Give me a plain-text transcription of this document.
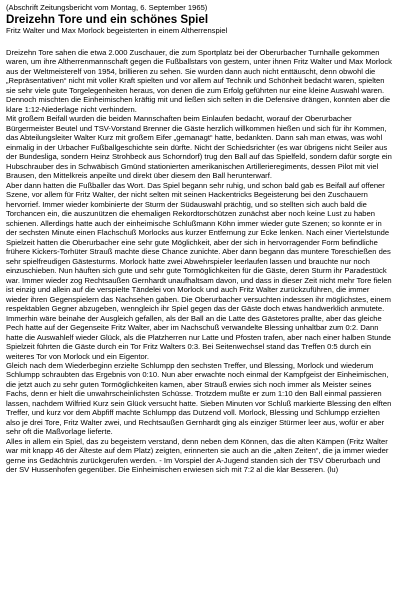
(Abschrift Zeitungsbericht vom Montag, 6. September 1965)

Dreizehn Tore und ein schönes Spiel

Fritz Walter und Max Morlock begeisterten in einem Altherrenspiel

Dreizehn Tore sahen die etwa 2.000 Zuschauer, die zum Sportplatz bei der Oberurbacher Turnhalle gekommen waren, um ihre Altherrenmannschaft gegen die Fußballstars von gestern, unter ihnen Fritz Walter und Max Morlock aus der Weltmeisterelf von 1954, brillieren zu sehen. Sie wurden dann auch nicht enttäuscht, denn obwohl die „Repräsentativen“ nicht mit voller Kraft spielten und vor allem auf Technik und Schönheit bedacht waren, spielten sie sehr viele gute Torgelegenheiten heraus, von denen die zum Erfolg geführten nur eine kleine Auswahl waren. Dennoch mischten die Einheimischen kräftig mit und ließen sich selten in die Defensive drängen, konnten aber die klare 1:12-Niederlage nicht verhindern.

Mit großem Beifall wurden die beiden Mannschaften beim Einlaufen bedacht, worauf der Oberurbacher Bürgermeister Beutel und TSV-Vorstand Brenner die Gäste herzlich willkommen hießen und sich für ihr Kommen, das Abteilungsleiter Walter Kurz mit großem Eifer „gemanagt“ hatte, bedankten. Dann sah man etwas, was wohl einmalig in der Urbacher Fußballgeschichte sein dürfte. Nicht der Schiedsrichter (es war übrigens nicht Seiler aus der Bundesliga, sondern Heinz Strohbeck aus Schorndorf) trug den Ball auf das Spielfeld, sondern dafür sorgte ein Hubschrauber des in Schwäbisch Gmünd stationierten amerikanischen Artillerieregiments, dessen Pilot mit viel Brausen, den Mittelkreis anpeilte und direkt über diesem den Ball herunterwarf.

Aber dann hatten die Fußballer das Wort. Das Spiel begann sehr ruhig, und schon bald gab es Beifall auf offener Szene, vor allem für Fritz Walter, der nicht selten mit seinen Hackentricks Begeisterung bei den Zuschauern hervorrief. Immer wieder kombinierte der Sturm der Südauswahl prächtig, und so stellten sich auch bald die Torchancen ein, die auszunützen die ehemaligen Rekordtorschützen zunächst aber noch keine Lust zu haben schienen. Allerdings hatte auch der einheimische Schlußmann Köhn immer wieder gute Szenen; so konnte er in der sechsten Minute einen Flachschuß Morlocks aus kurzer Entfernung zur Ecke lenken. Nach einer Viertelstunde Spielzeit hatten die Oberurbacher eine sehr gute Möglichkeit, aber der sich in hervorragender Form befindliche frühere Kickers-Torhüter Strauß machte diese Chance zunichte. Aber dann begann das muntere Toreschießen des sehr spielfreudigen Gästesturms. Morlock hatte zwei Abwehrspieler leerlaufen lassen und brauchte nur noch einzuschieben. Nun häuften sich gute und sehr gute Tormöglichkeiten für die Gäste, deren Sturm ihr Paradestück war. Immer wieder zog Rechtsaußen Gernhardt unaufhaltsam davon, und dass in dieser Zeit nicht mehr Tore fielen ist einzig und allein auf die verspielte Tändelei von Morlock und auch Fritz Walter zurückzuführen, die immer wieder ihren Gegenspielern das Nachsehen gaben. Die Oberurbacher versuchten indessen ihr möglichstes, einem respektablen Gegner abzugeben, wenngleich ihr Spiel gegen das der Gäste doch etwas handwerklich anmutete. Immerhin wäre beinahe der Ausgleich gefallen, als der Ball an die Latte des Gästetores prallte, aber das gleiche Pech hatte auf der Gegenseite Fritz Walter, aber im Nachschuß verwandelte Blessing unhaltbar zum 0:2. Dann hatte die Auswahlelf wieder Glück, als die Platzherren nur Latte und Pfosten trafen, aber nach einer halben Stunde Spielzeit führten die Gäste durch ein Tor Fritz Walters 0:3. Bei Seitenwechsel stand das Treffen 0:5 durch ein weiteres Tor von Morlock und ein Eigentor.

Gleich nach dem Wiederbeginn erzielte Schlumpp den sechsten Treffer, und Blessing, Morlock und wiederum Schlumpp schraubten das Ergebnis von 0:10. Nun aber erwachte noch einmal der Kampfgeist der Einheimischen, die jetzt auch zu sehr guten Tormöglichkeiten kamen, aber Strauß erwies sich noch immer als Meister seines Fachs, denn er hielt die unwahrscheinlichsten Schüsse. Trotzdem mußte er zum 1:10 den Ball einmal passieren lassen, nachdem Wilfried Kurz sein Glück versucht hatte. Sieben Minuten vor Schluß markierte Blessing den elften Treffer, und kurz vor dem Abpfiff machte Schlumpp das Dutzend voll. Morlock, Blessing und Schlumpp erzielten also je drei Tore, Fritz Walter zwei, und Rechtsaußen Gernhardt ging als einziger Stürmer leer aus, wofür er aber sehr oft die Maßvorlage lieferte.

Alles in allem ein Spiel, das zu begeistern verstand, denn neben dem Können, das die alten Kämpen (Fritz Walter war mit knapp 46 der Älteste auf dem Platz) zeigten, erinnerten sie auch an die „alten Zeiten“, die ja immer wieder gerne ins Gedächtnis zurückgerufen werden. - Im Vorspiel der A-Jugend standen sich der TSV Oberurbach und der SV Hussenhofen gegenüber. Die Einheimischen erwiesen sich mit 7:2 al die klar Besseren. (lu)
